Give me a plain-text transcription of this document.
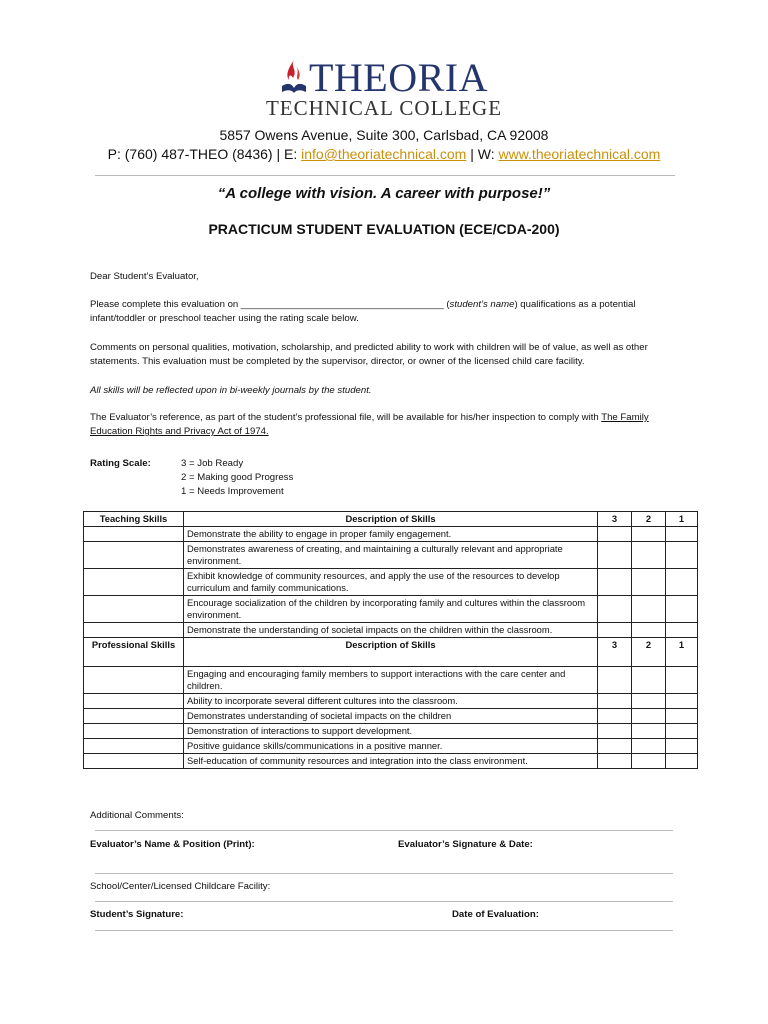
THEORIA
TECHNICAL COLLEGE
5857 Owens Avenue, Suite 300, Carlsbad, CA 92008
P: (760) 487-THEO (8436) | E: info@theoriatechnical.com | W: www.theoriatechnical.com
“A college with vision. A career with purpose!”
PRACTICUM STUDENT EVALUATION (ECE/CDA-200)
Dear Student’s Evaluator,
Please complete this evaluation on ______________________________________ (student’s name) qualifications as a potential infant/toddler or preschool teacher using the rating scale below.
Comments on personal qualities, motivation, scholarship, and predicted ability to work with children will be of value, as well as other statements. This evaluation must be completed by the supervisor, director, or owner of the licensed child care facility.
All skills will be reflected upon in bi-weekly journals by the student.
The Evaluator’s reference, as part of the student’s professional file, will be available for his/her inspection to comply with The Family Education Rights and Privacy Act of 1974.
Rating Scale:	3 = Job Ready
2 = Making good Progress
1 = Needs Improvement
Teaching Skills	Description of Skills	3	2	1
	Demonstrate the ability to engage in proper family engagement.			
	Demonstrates awareness of creating, and maintaining a culturally relevant and appropriate environment.			
	Exhibit knowledge of community resources, and apply the use of the resources to develop curriculum and family communications.			
	Encourage socialization of the children by incorporating family and cultures within the classroom environment.			
	Demonstrate the understanding of societal impacts on the children within the classroom.			
Professional Skills	Description of Skills	3	2	1
	Engaging and encouraging family members to support interactions with the care center and children.			
	Ability to incorporate several different cultures into the classroom.			
	Demonstrates understanding of societal impacts on the children			
	Demonstration of interactions to support development.			
	Positive guidance skills/communications in a positive manner.			
	Self-education of community resources and integration into the class environment.			
Additional Comments:
Evaluator’s Name & Position (Print):	Evaluator’s Signature & Date:
School/Center/Licensed Childcare Facility:
Student’s Signature:	Date of Evaluation:
